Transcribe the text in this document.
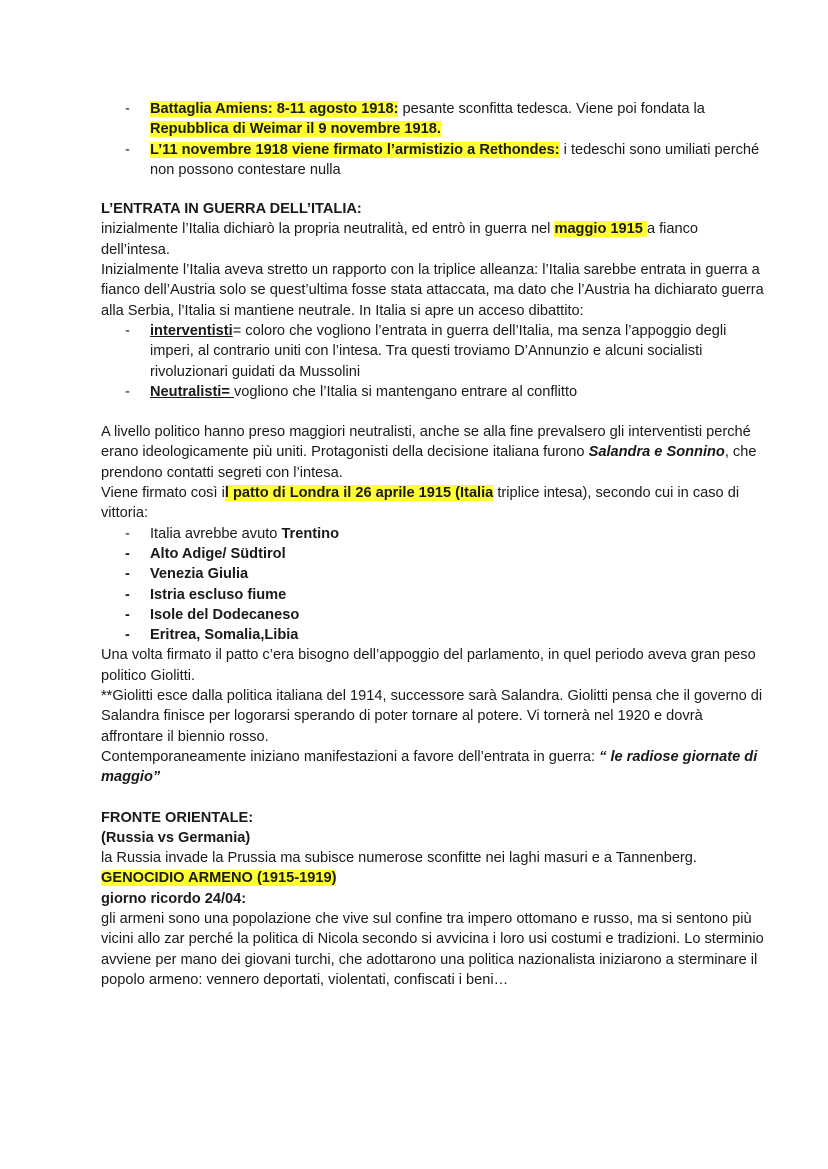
- Battaglia Amiens: 8-11 agosto 1918: pesante sconfitta tedesca. Viene poi fondata la Repubblica di Weimar il 9 novembre 1918.
- L’11 novembre 1918 viene firmato l’armistizio a Rethondes: i tedeschi sono umiliati perché non possono contestare nulla

L’ENTRATA IN GUERRA DELL’ITALIA:

inizialmente l’Italia dichiarò la propria neutralità, ed entrò in guerra nel maggio 1915 a fianco dell’intesa.

Inizialmente l’Italia aveva stretto un rapporto con la triplice alleanza: l’Italia sarebbe entrata in guerra a fianco dell’Austria solo se quest’ultima fosse stata attaccata, ma dato che l’Austria ha dichiarato guerra alla Serbia, l’Italia si mantiene neutrale. In Italia si apre un acceso dibattito:

- interventisti= coloro che vogliono l’entrata in guerra dell’Italia, ma senza l’appoggio degli imperi, al contrario uniti con l’intesa. Tra questi troviamo D’Annunzio e alcuni socialisti rivoluzionari guidati da Mussolini
- Neutralisti= vogliono che l’Italia si mantengano entrare al conflitto

A livello politico hanno preso maggiori neutralisti, anche se alla fine prevalsero gli interventisti perché erano ideologicamente più uniti. Protagonisti della decisione italiana furono Salandra e Sonnino, che prendono contatti segreti con l’intesa.

Viene firmato così il patto di Londra il 26 aprile 1915 (Italia triplice intesa), secondo cui in caso di vittoria:

- Italia avrebbe avuto Trentino
- Alto Adige/ Südtirol
- Venezia Giulia
- Istria escluso fiume
- Isole del Dodecaneso
- Eritrea, Somalia,Libia

Una volta firmato il patto c’era bisogno dell’appoggio del parlamento, in quel periodo aveva gran peso politico Giolitti.

**Giolitti esce dalla politica italiana del 1914, successore sarà Salandra. Giolitti pensa che il governo di Salandra finisce per logorarsi sperando di poter tornare al potere. Vi tornerà nel 1920 e dovrà affrontare il biennio rosso.

Contemporaneamente iniziano manifestazioni a favore dell’entrata in guerra: “ le radiose giornate di maggio”

FRONTE ORIENTALE:

(Russia vs Germania)

la Russia invade la Prussia ma subisce numerose sconfitte nei laghi masuri e a Tannenberg.

GENOCIDIO ARMENO (1915-1919)

giorno ricordo 24/04:

gli armeni sono una popolazione che vive sul confine tra impero ottomano e russo, ma si sentono più vicini allo zar perché la politica di Nicola secondo si avvicina i loro usi costumi e tradizioni. Lo sterminio avviene per mano dei giovani turchi, che adottarono una politica nazionalista iniziarono a sterminare il popolo armeno: vennero deportati, violentati, confiscati i beni…
